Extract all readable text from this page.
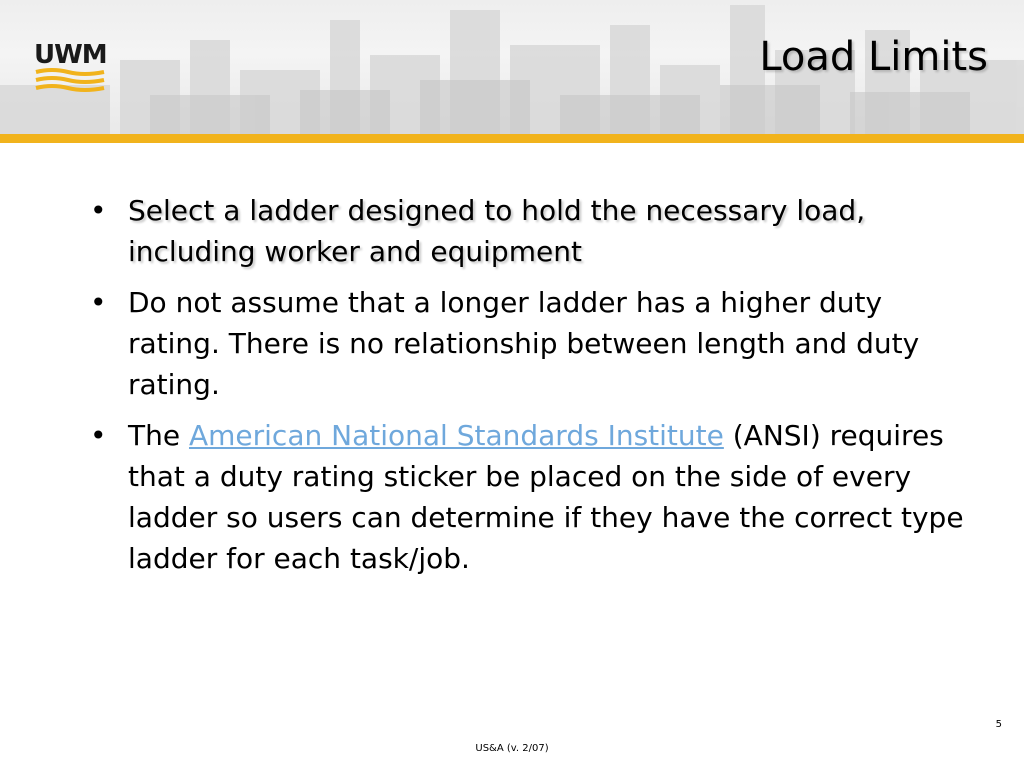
UWM	Load Limits
• Select a ladder designed to hold the necessary load, including worker and equipment
• Do not assume that a longer ladder has a higher duty rating. There is no relationship between length and duty rating.
• The American National Standards Institute (ANSI) requires that a duty rating sticker be placed on the side of every ladder so users can determine if they have the correct type ladder for each task/job.
5
US&A (v. 2/07)
